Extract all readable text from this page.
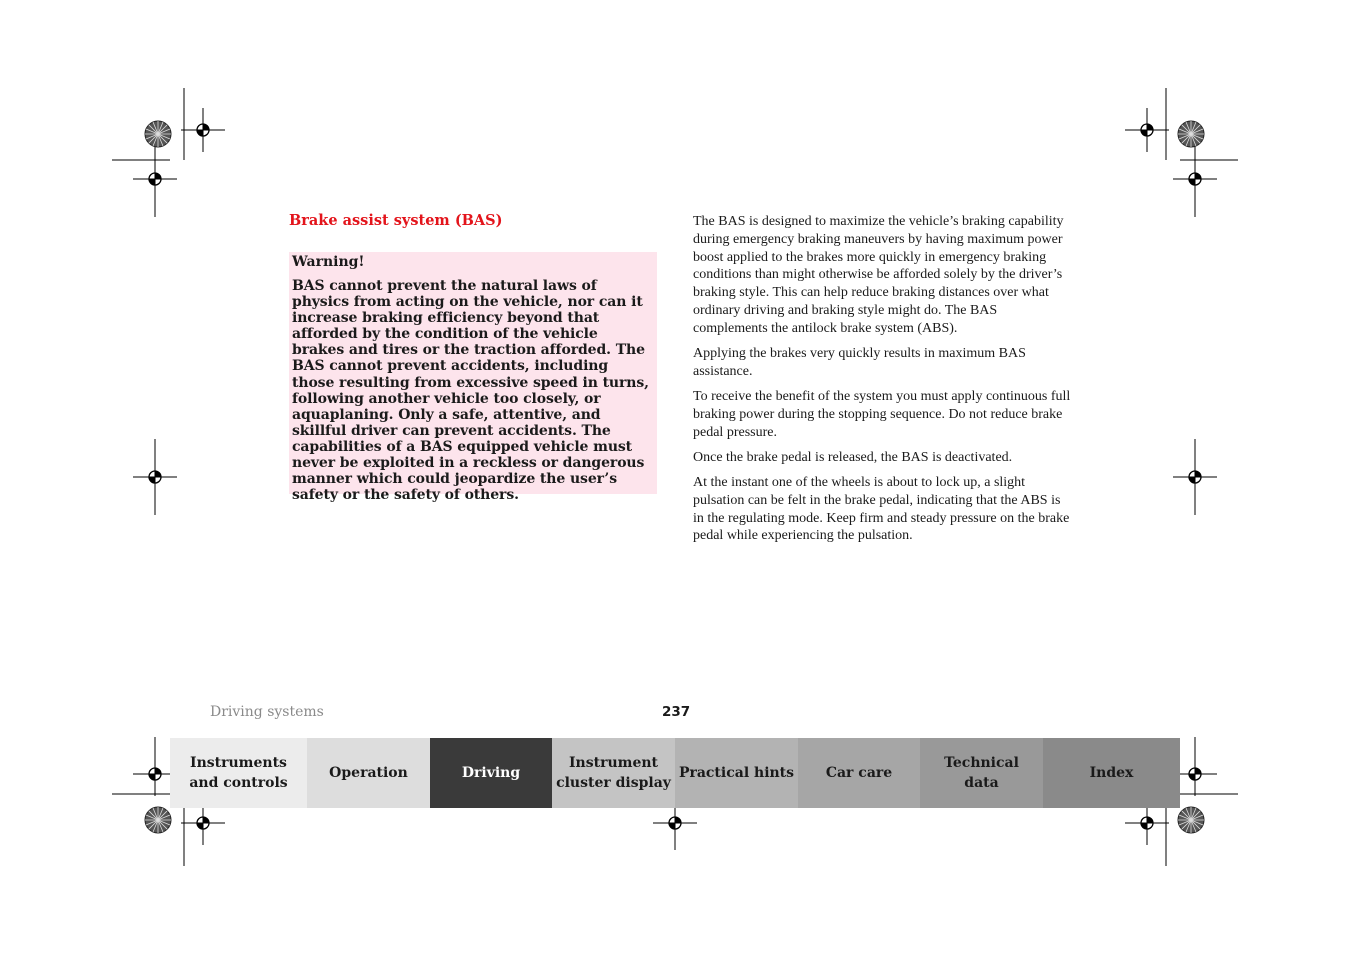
Brake assist system (BAS)

Warning!

BAS cannot prevent the natural laws of physics from acting on the vehicle, nor can it increase braking efficiency beyond that afforded by the condition of the vehicle brakes and tires or the traction afforded. The BAS cannot prevent accidents, including those resulting from excessive speed in turns, following another vehicle too closely, or aquaplaning. Only a safe, attentive, and skillful driver can prevent accidents. The capabilities of a BAS equipped vehicle must never be exploited in a reckless or dangerous manner which could jeopardize the user’s safety or the safety of others.

The BAS is designed to maximize the vehicle’s braking capability during emergency braking maneuvers by having maximum power boost applied to the brakes more quickly in emergency braking conditions than might otherwise be afforded solely by the driver’s braking style. This can help reduce braking distances over what ordinary driving and braking style might do. The BAS complements the antilock brake system (ABS).

Applying the brakes very quickly results in maximum BAS assistance.

To receive the benefit of the system you must apply continuous full braking power during the stopping sequence. Do not reduce brake pedal pressure.

Once the brake pedal is released, the BAS is deactivated.

At the instant one of the wheels is about to lock up, a slight pulsation can be felt in the brake pedal, indicating that the ABS is in the regulating mode. Keep firm and steady pressure on the brake pedal while experiencing the pulsation.

Driving systems	237
Instruments
and controls
Operation	Driving
Instrument
cluster display
Practical hints	Car care
Technical
data
Index
